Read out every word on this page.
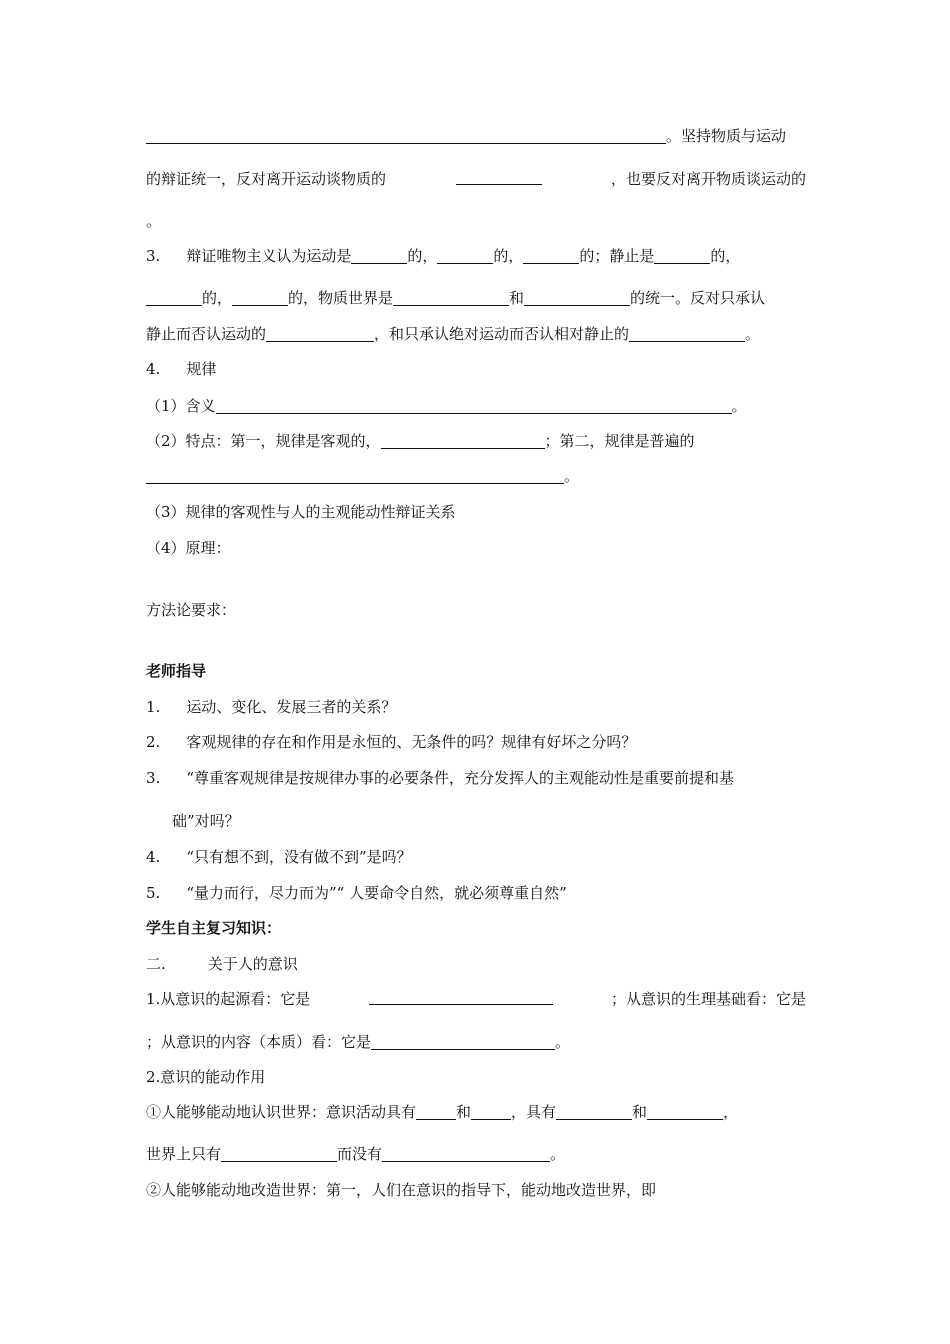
。坚持物质与运动
的辩证统一，反对离开运动谈物质的	，也要反对离开物质谈运动的
。
3. 辩证唯物主义认为运动是	的，	的，	的；静止是	的，
的，	的，物质世界是	和	的统一。反对只承认
静止而否认运动的	，和只承认绝对运动而否认相对静止的	。
4. 规律
（1）含义	。
（2）特点：第一，规律是客观的，	；第二，规律是普遍的
。
（3）规律的客观性与人的主观能动性辩证关系
（4）原理：
方法论要求：
老师指导
1. 运动、变化、发展三者的关系？
2. 客观规律的存在和作用是永恒的、无条件的吗？规律有好坏之分吗？
3. “尊重客观规律是按规律办事的必要条件，充分发挥人的主观能动性是重要前提和基
础”对吗？
4. “只有想不到，没有做不到”是吗？
5. “量力而行，尽力而为”“ 人要命令自然，就必须尊重自然”
学生自主复习知识：
二.	关于人的意识
1.从意识的起源看：它是	；从意识的生理基础看：它是
；从意识的内容（本质）看：它是	。
2.意识的能动作用
①人能够能动地认识世界：意识活动具有	和	，具有	和	，
世界上只有	而没有	。
②人能够能动地改造世界：第一，人们在意识的指导下，能动地改造世界，即
